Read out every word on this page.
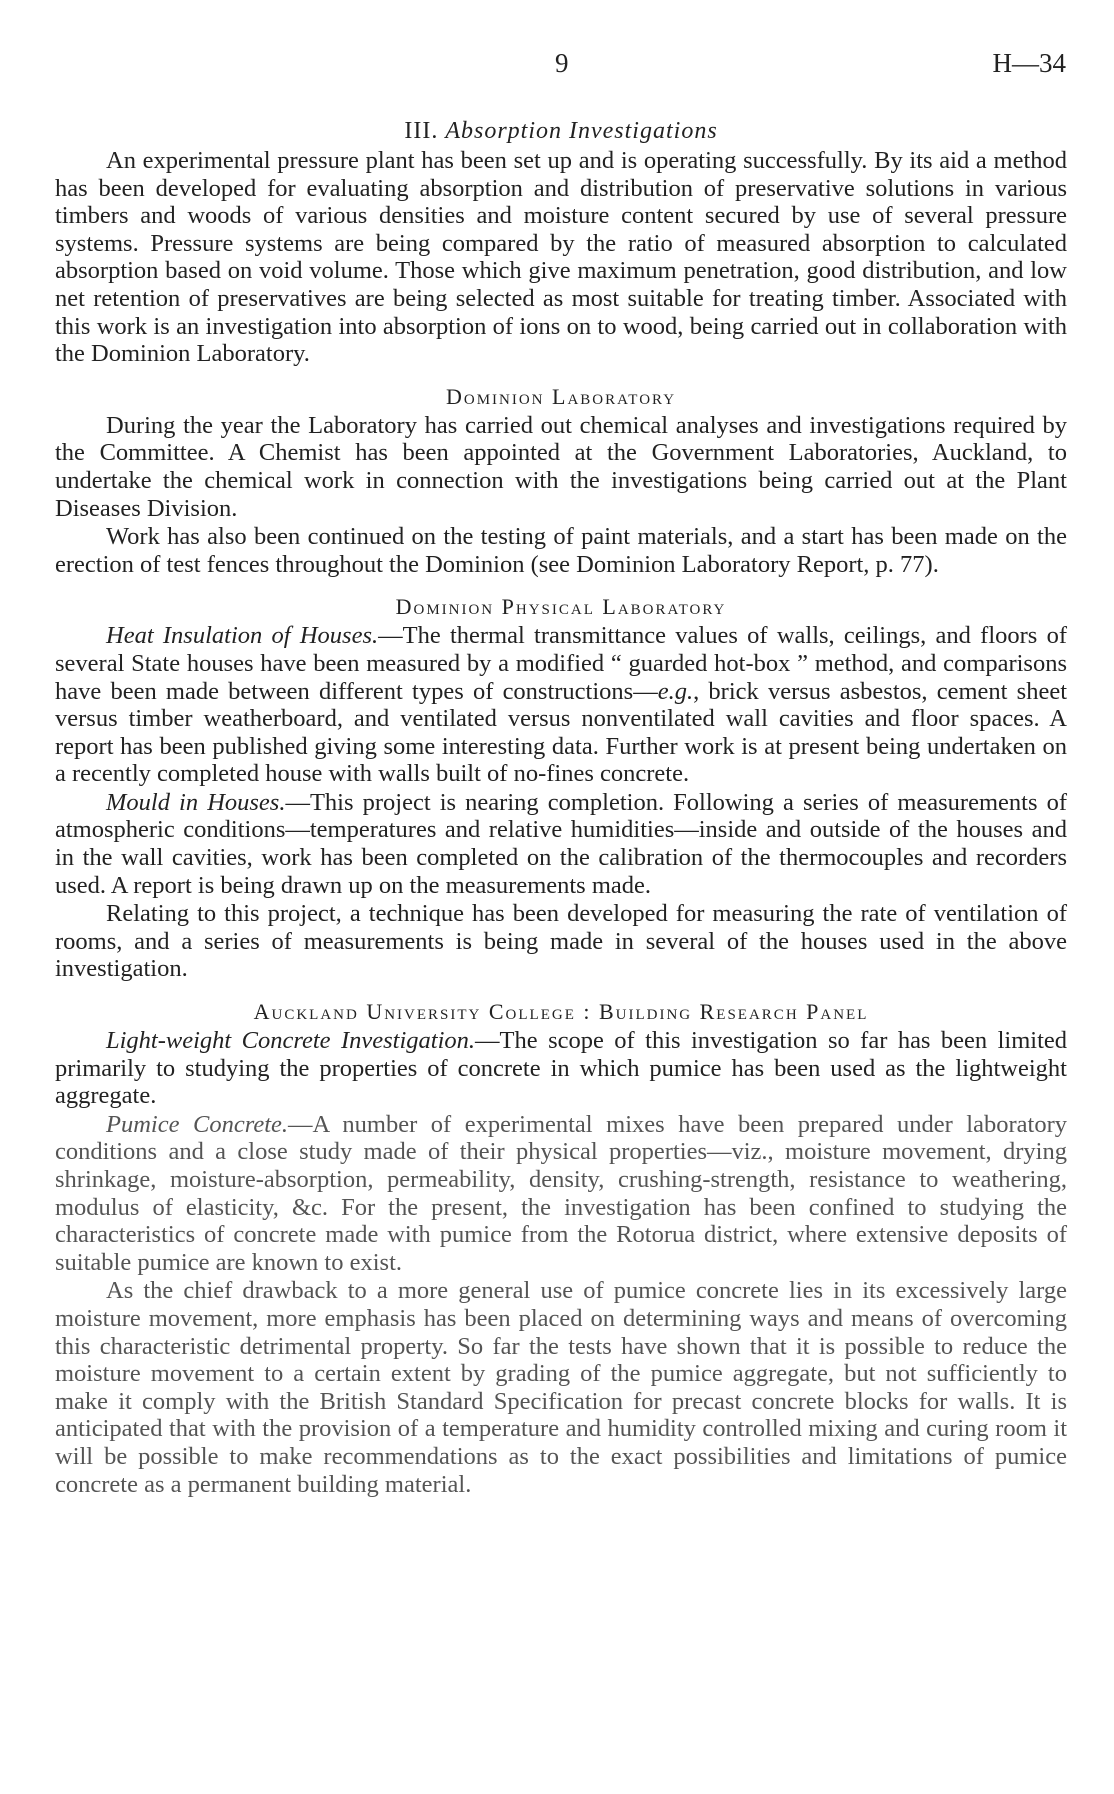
9	H—34
III. Absorption Investigations

An experimental pressure plant has been set up and is operating successfully. By its aid a method has been developed for evaluating absorption and distribution of preservative solutions in various timbers and woods of various densities and moisture content secured by use of several pressure systems. Pressure systems are being compared by the ratio of measured absorption to calculated absorption based on void volume. Those which give maximum penetration, good distribution, and low net retention of preservatives are being selected as most suitable for treating timber. Associated with this work is an investigation into absorption of ions on to wood, being carried out in collaboration with the Dominion Laboratory.

Dominion Laboratory

During the year the Laboratory has carried out chemical analyses and investigations required by the Committee. A Chemist has been appointed at the Government Laboratories, Auckland, to undertake the chemical work in connection with the investigations being carried out at the Plant Diseases Division.

Work has also been continued on the testing of paint materials, and a start has been made on the erection of test fences throughout the Dominion (see Dominion Laboratory Report, p. 77).

Dominion Physical Laboratory

Heat Insulation of Houses.—The thermal transmittance values of walls, ceilings, and floors of several State houses have been measured by a modified “ guarded hot-box ” method, and comparisons have been made between different types of constructions—e.g., brick versus asbestos, cement sheet versus timber weatherboard, and ventilated versus nonventilated wall cavities and floor spaces. A report has been published giving some interesting data. Further work is at present being undertaken on a recently completed house with walls built of no-fines concrete.

Mould in Houses.—This project is nearing completion. Following a series of measurements of atmospheric conditions—temperatures and relative humidities—inside and outside of the houses and in the wall cavities, work has been completed on the calibration of the thermocouples and recorders used. A report is being drawn up on the measurements made.

Relating to this project, a technique has been developed for measuring the rate of ventilation of rooms, and a series of measurements is being made in several of the houses used in the above investigation.

Auckland University College : Building Research Panel

Light-weight Concrete Investigation.—The scope of this investigation so far has been limited primarily to studying the properties of concrete in which pumice has been used as the lightweight aggregate.

Pumice Concrete.—A number of experimental mixes have been prepared under laboratory conditions and a close study made of their physical properties—viz., moisture movement, drying shrinkage, moisture-absorption, permeability, density, crushing-strength, resistance to weathering, modulus of elasticity, &c. For the present, the investigation has been confined to studying the characteristics of concrete made with pumice from the Rotorua district, where extensive deposits of suitable pumice are known to exist.

As the chief drawback to a more general use of pumice concrete lies in its excessively large moisture movement, more emphasis has been placed on determining ways and means of overcoming this characteristic detrimental property. So far the tests have shown that it is possible to reduce the moisture movement to a certain extent by grading of the pumice aggregate, but not sufficiently to make it comply with the British Standard Specification for precast concrete blocks for walls. It is anticipated that with the provision of a temperature and humidity controlled mixing and curing room it will be possible to make recommendations as to the exact possibilities and limitations of pumice concrete as a permanent building material.
